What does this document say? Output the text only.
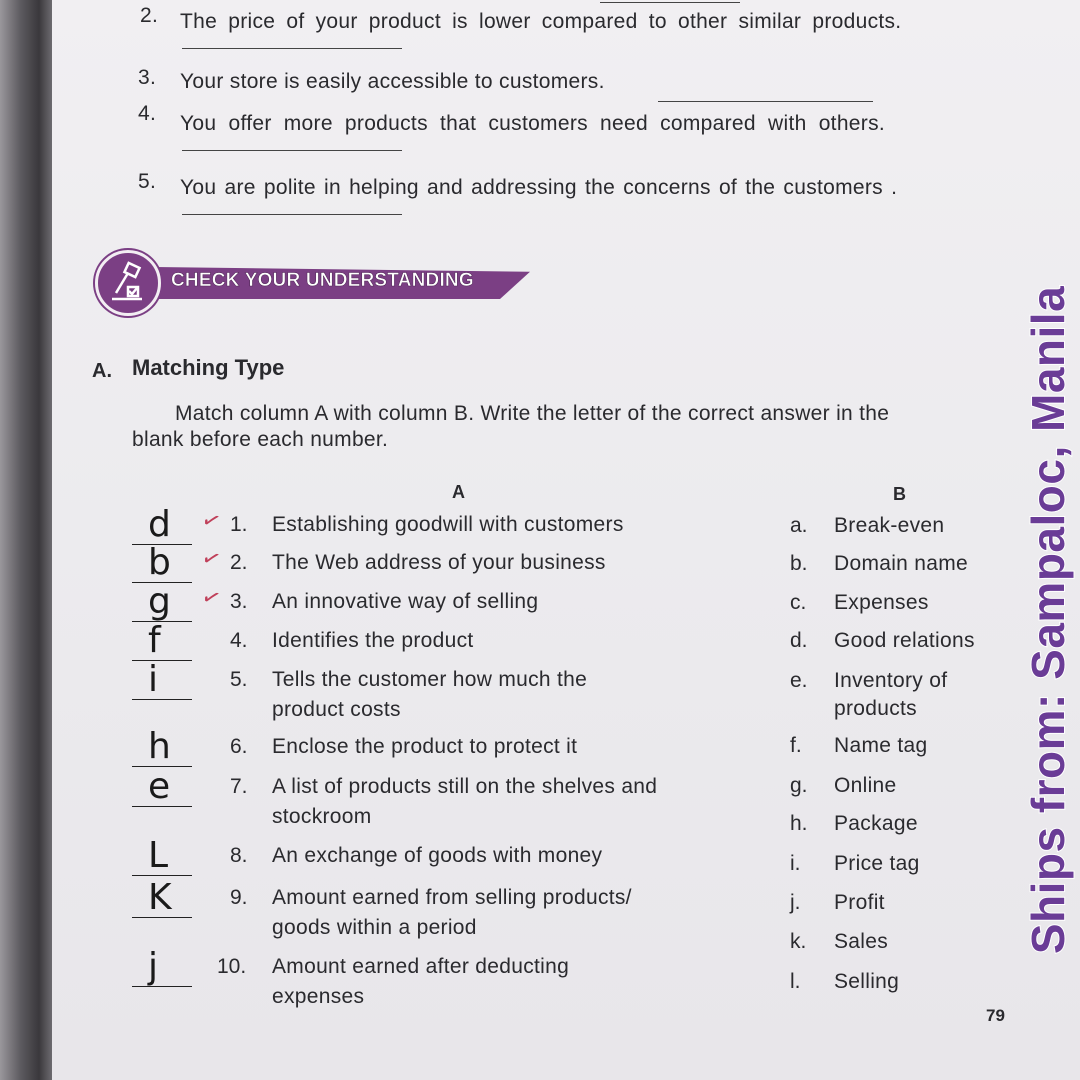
2. The price of your product is lower compared to other similar products.
3. Your store is easily accessible to customers.
4. You offer more products that customers need compared with others.
5. You are polite in helping and addressing the concerns of the customers .
CHECK YOUR UNDERSTANDING
A. Matching Type
Match column A with column B. Write the letter of the correct answer in the
blank before each number.
A	B
1. Establishing goodwill with customers
d ✓
2. The Web address of your business
b ✓
3. An innovative way of selling
g ✓
4. Identifies the product
f
5. Tells the customer how much the
product costs
i
6. Enclose the product to protect it
h
7. A list of products still on the shelves and
stockroom
e
8. An exchange of goods with money
L
9. Amount earned from selling products/
goods within a period
K
10. Amount earned after deducting
expenses
j
a. Break-even
b. Domain name
c. Expenses
d. Good relations
e. Inventory of
products
f. Name tag
g. Online
h. Package
i. Price tag
j. Profit
k. Sales
l. Selling
79
Ships from: Sampaloc, Manila
